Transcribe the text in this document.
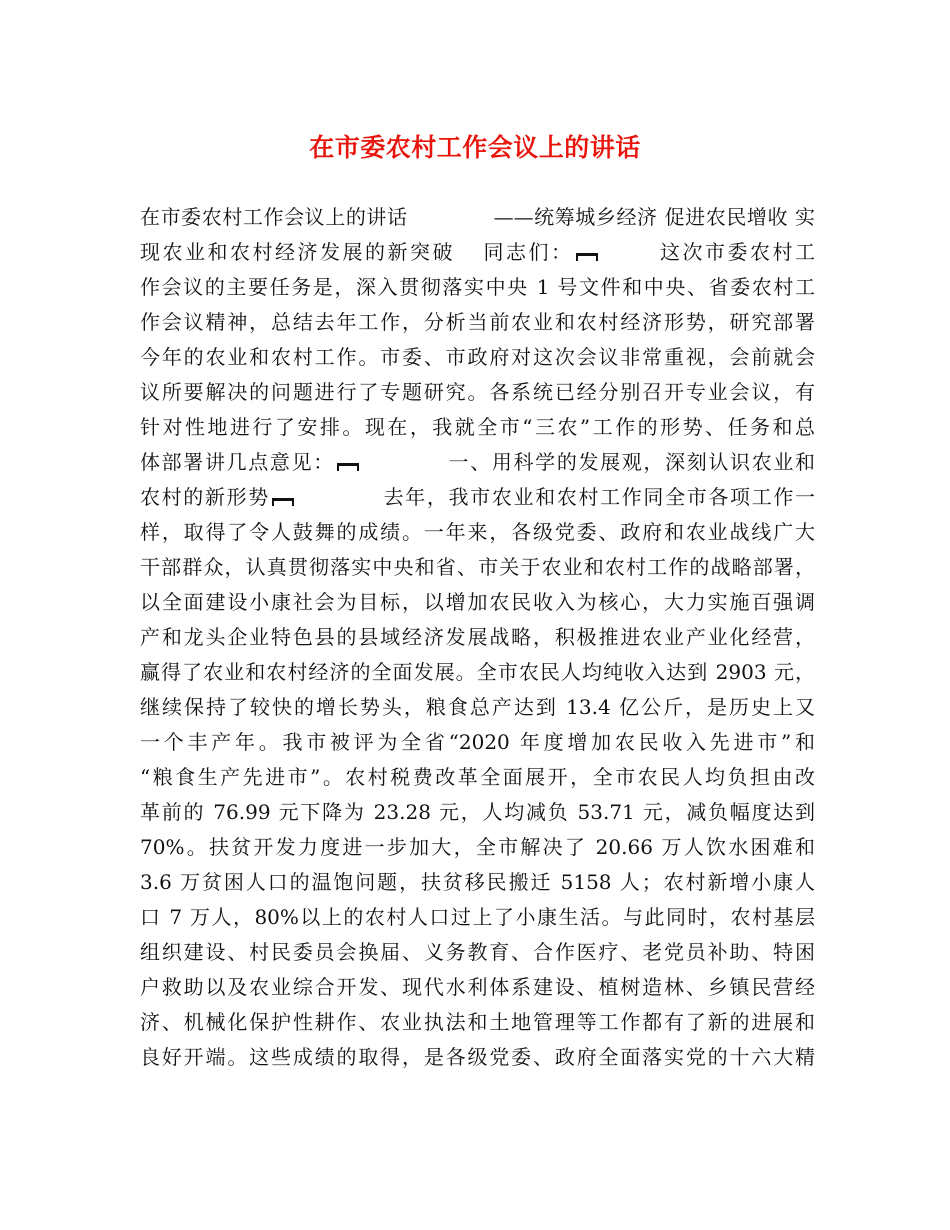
在市委农村工作会议上的讲话
在市委农村工作会议上的讲话	——统筹城乡经济 促进农民增收 实
现农业和农村经济发展的新突破 同志们：	这次市委农村工
作会议的主要任务是，深入贯彻落实中央 1 号文件和中央、省委农村工
作会议精神，总结去年工作，分析当前农业和农村经济形势，研究部署
今年的农业和农村工作。市委、市政府对这次会议非常重视，会前就会
议所要解决的问题进行了专题研究。各系统已经分别召开专业会议，有
针对性地进行了安排。现在，我就全市“三农”工作的形势、任务和总
体部署讲几点意见：	一、用科学的发展观，深刻认识农业和
农村的新形势	去年，我市农业和农村工作同全市各项工作一
样，取得了令人鼓舞的成绩。一年来，各级党委、政府和农业战线广大
干部群众，认真贯彻落实中央和省、市关于农业和农村工作的战略部署，
以全面建设小康社会为目标，以增加农民收入为核心，大力实施百强调
产和龙头企业特色县的县域经济发展战略，积极推进农业产业化经营，
赢得了农业和农村经济的全面发展。全市农民人均纯收入达到 2903 元，
继续保持了较快的增长势头，粮食总产达到 13.4 亿公斤，是历史上又
一个丰产年。我市被评为全省“2020 年度增加农民收入先进市”和
“粮食生产先进市”。农村税费改革全面展开，全市农民人均负担由改
革前的 76.99 元下降为 23.28 元，人均减负 53.71 元，减负幅度达到
70%。扶贫开发力度进一步加大，全市解决了 20.66 万人饮水困难和
3.6 万贫困人口的温饱问题，扶贫移民搬迁 5158 人；农村新增小康人
口 7 万人，80%以上的农村人口过上了小康生活。与此同时，农村基层
组织建设、村民委员会换届、义务教育、合作医疗、老党员补助、特困
户救助以及农业综合开发、现代水利体系建设、植树造林、乡镇民营经
济、机械化保护性耕作、农业执法和土地管理等工作都有了新的进展和
良好开端。这些成绩的取得，是各级党委、政府全面落实党的十六大精
